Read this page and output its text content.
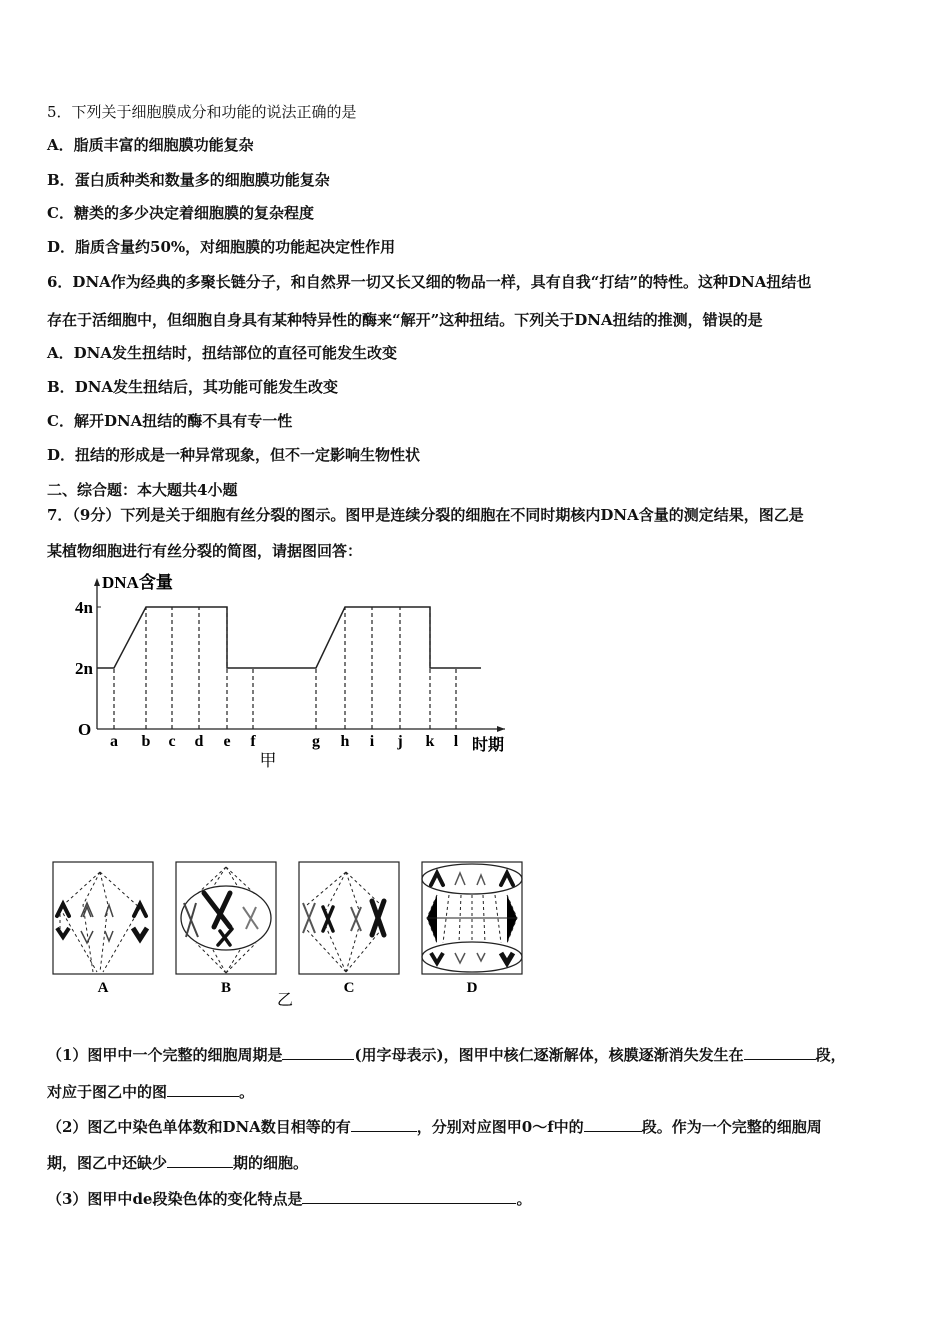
5．下列关于细胞膜成分和功能的说法正确的是
A．脂质丰富的细胞膜功能复杂
B．蛋白质种类和数量多的细胞膜功能复杂
C．糖类的多少决定着细胞膜的复杂程度
D．脂质含量约50%，对细胞膜的功能起决定性作用
6．DNA作为经典的多聚长链分子，和自然界一切又长又细的物品一样，具有自我“打结”的特性。这种DNA扭结也
存在于活细胞中，但细胞自身具有某种特异性的酶来“解开”这种扭结。下列关于DNA扭结的推测，错误的是
A．DNA发生扭结时，扭结部位的直径可能发生改变
B．DNA发生扭结后，其功能可能发生改变
C．解开DNA扭结的酶不具有专一性
D．扭结的形成是一种异常现象，但不一定影响生物性状
二、综合题：本大题共4小题
7．（9分）下列是关于细胞有丝分裂的图示。图甲是连续分裂的细胞在不同时期核内DNA含量的测定结果，图乙是
某植物细胞进行有丝分裂的简图，请据图回答：
DNA含量
O
时期
甲
2n
4n
a b c d e f	g h i j k l
A	B	C	D
乙
（1）图甲中一个完整的细胞周期是	(用字母表示)，图甲中核仁逐渐解体，核膜逐渐消失发生在	段，
对应于图乙中的图	。
（2）图乙中染色单体数和DNA数目相等的有	，分别对应图甲0～f中的	段。作为一个完整的细胞周
期，图乙中还缺少	期的细胞。
（3）图甲中de段染色体的变化特点是	。
